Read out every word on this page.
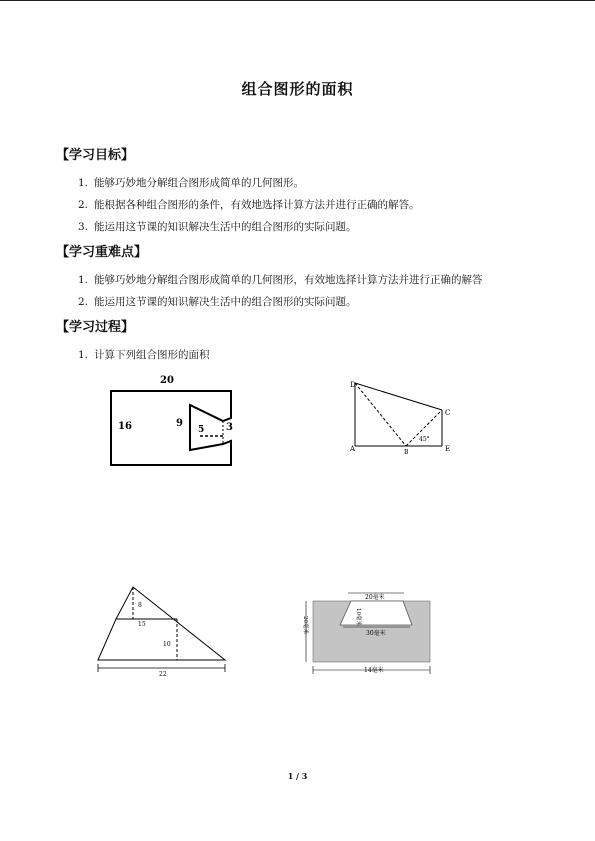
组合图形的面积
【学习目标】
1. 能够巧妙地分解组合图形成简单的几何图形。
2. 能根据各种组合图形的条件，有效地选择计算方法并进行正确的解答。
3. 能运用这节课的知识解决生活中的组合图形的实际问题。
【学习重难点】
1. 能够巧妙地分解组合图形成简单的几何图形，有效地选择计算方法并进行正确的解答
2. 能运用这节课的知识解决生活中的组合图形的实际问题。
【学习过程】
1. 计算下列组合图形的面积
20
16	9
5 3
D
C
A	B	E
45°
8
15
10
22
20毫米
10毫米
30毫米
20毫米
14毫米
1 / 3
